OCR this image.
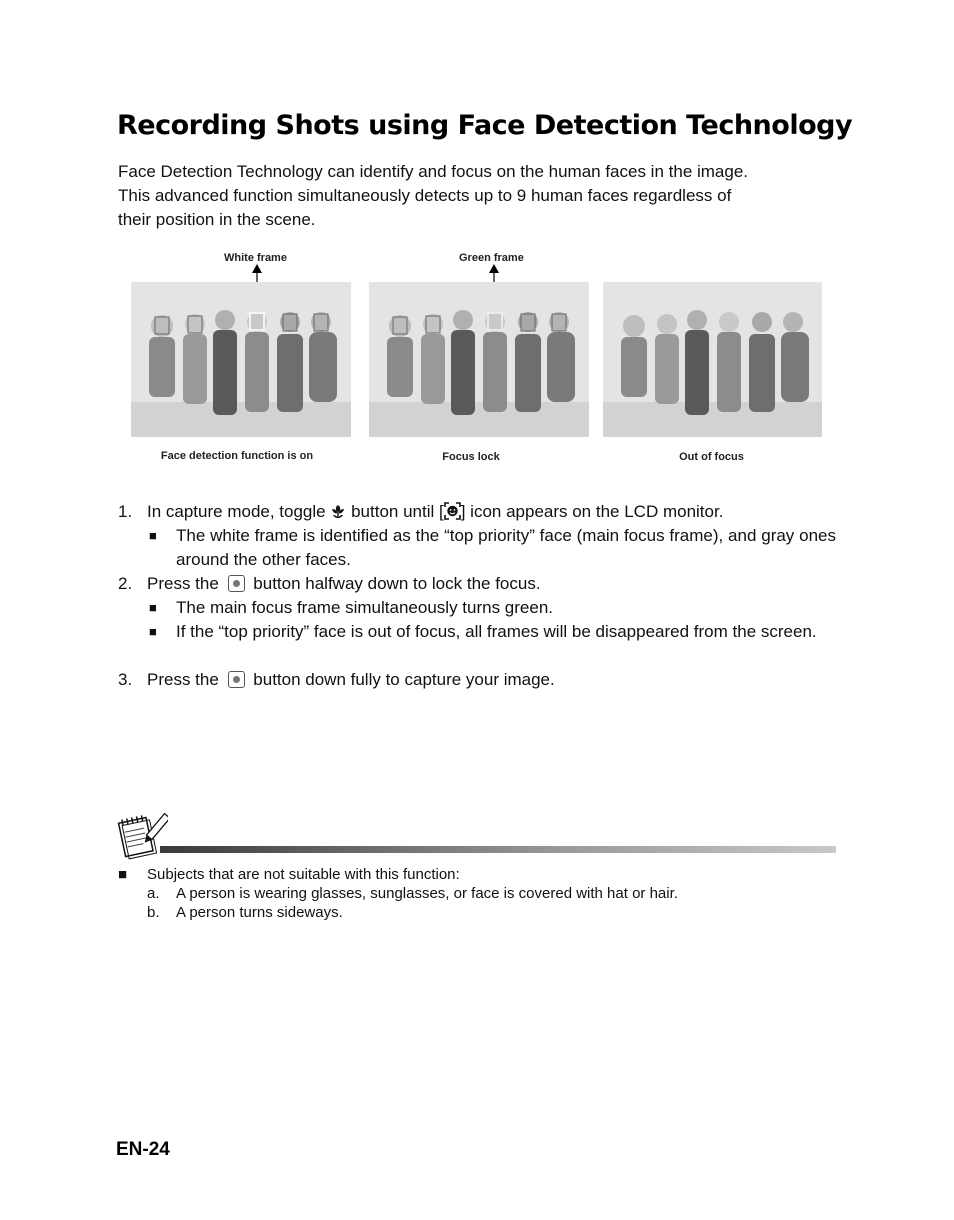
Recording Shots using Face Detection Technology

Face Detection Technology can identify and focus on the human faces in the image.

This advanced function simultaneously detects up to 9 human faces regardless of

their position in the scene.

White frame	Green frame
Face detection function is on	Focus lock	Out of focus
1. In capture mode, toggle button until [ ] icon appears on the LCD monitor.
■ The white frame is identified as the “top priority” face (main focus frame), and gray ones around the other faces.
2. Press the button halfway down to lock the focus.
■ The main focus frame simultaneously turns green.
■ If the “top priority” face is out of focus, all frames will be disappeared from the screen.
3. Press the button down fully to capture your image.
■ Subjects that are not suitable with this function:
a. A person is wearing glasses, sunglasses, or face is covered with hat or hair.
b. A person turns sideways.
EN-24
